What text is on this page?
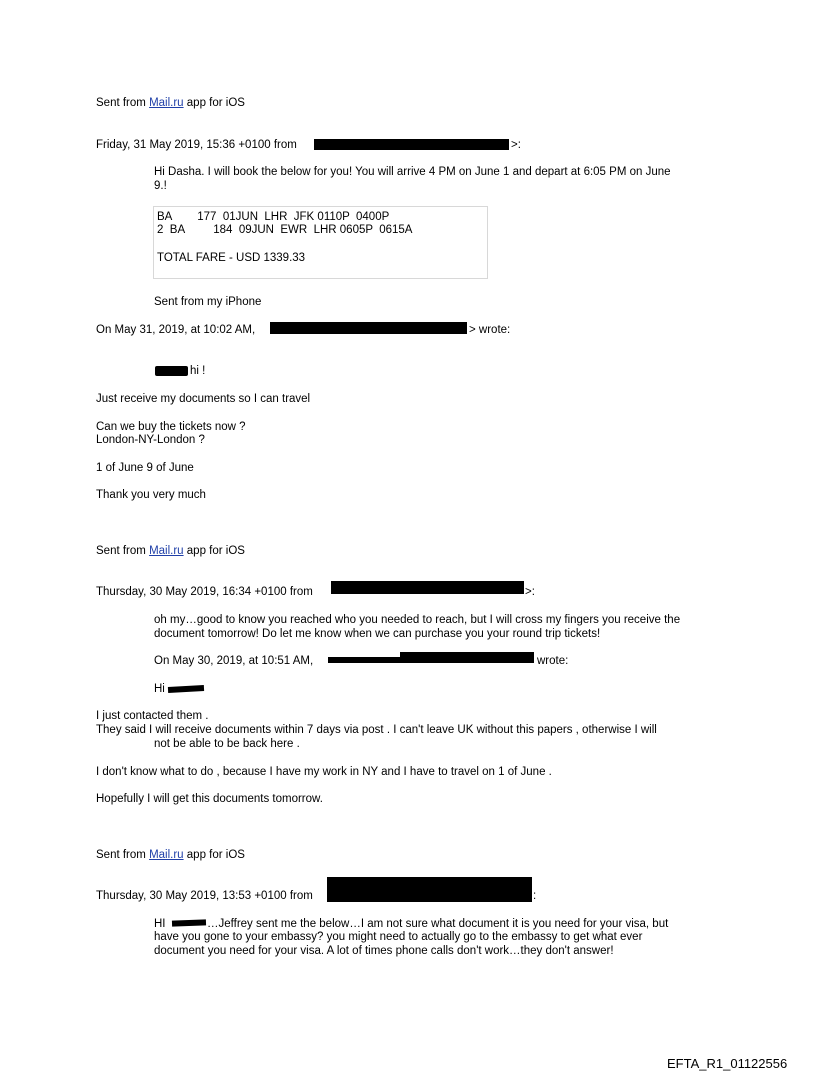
Sent from Mail.ru app for iOS
Friday, 31 May 2019, 15:36 +0100 from	>:
Hi Dasha. I will book the below for you! You will arrive 4 PM on June 1 and depart at 6:05 PM on June
9.!
BA        177  01JUN  LHR  JFK 0110P  0400P
2  BA         184  09JUN  EWR  LHR 0605P  0615A
TOTAL FARE - USD 1339.33
Sent from my iPhone
On May 31, 2019, at 10:02 AM,	> wrote:
hi !
Just receive my documents so I can travel
Can we buy the tickets now ?
London-NY-London ?
1 of June 9 of June
Thank you very much
Sent from Mail.ru app for iOS
Thursday, 30 May 2019, 16:34 +0100 from	>:
oh my…good to know you reached who you needed to reach, but I will cross my fingers you receive the
document tomorrow! Do let me know when we can purchase you your round trip tickets!
On May 30, 2019, at 10:51 AM,	wrote:
Hi
I just contacted them .
They said I will receive documents within 7 days via post . I can't leave UK without this papers , otherwise I will
not be able to be back here .
I don't know what to do , because I have my work in NY and I have to travel on 1 of June .
Hopefully I will get this documents tomorrow.
Sent from Mail.ru app for iOS
Thursday, 30 May 2019, 13:53 +0100 from	:
HI	…Jeffrey sent me the below…I am not sure what document it is you need for your visa, but
have you gone to your embassy? you might need to actually go to the embassy to get what ever
document you need for your visa. A lot of times phone calls don't work…they don't answer!
EFTA_R1_01122556
